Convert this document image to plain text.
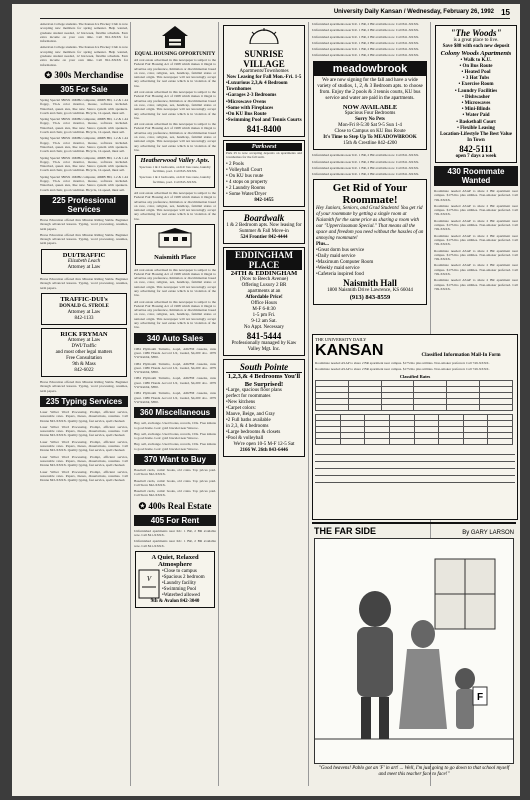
University Daily Kansan / Wednesday, February 26, 1992 15

American College students. The Kansas Ice Hockey Club is now accepting new members for spring semester. Help wanted, graduate student needed, 12 hrs/week, flexible schedule. Earn extra income on your own time. Call 841-XXXX for information.

American College students. The Kansas Ice Hockey Club is now accepting new members for spring semester. Help wanted, graduate student needed, 12 hrs/week, flexible schedule. Earn extra income on your own time. Call 841-XXXX for information.

✪ 300s Merchandise
305 For Sale

Spring Special 386SX 16MHz computer, 40MB HD, 1.2 & 1.44 floppy, VGA color monitor, mouse, software included. Waterbed, queen size, like new. Stereo system with speakers. Couch and chair, good condition. Bicycle, 12-speed, must sell.

Spring Special 386SX 16MHz computer, 40MB HD, 1.2 & 1.44 floppy, VGA color monitor, mouse, software included. Waterbed, queen size, like new. Stereo system with speakers. Couch and chair, good condition. Bicycle, 12-speed, must sell.

Spring Special 386SX 16MHz computer, 40MB HD, 1.2 & 1.44 floppy, VGA color monitor, mouse, software included. Waterbed, queen size, like new. Stereo system with speakers. Couch and chair, good condition. Bicycle, 12-speed, must sell.

Spring Special 386SX 16MHz computer, 40MB HD, 1.2 & 1.44 floppy, VGA color monitor, mouse, software included. Waterbed, queen size, like new. Stereo system with speakers. Couch and chair, good condition. Bicycle, 12-speed, must sell.

Spring Special 386SX 16MHz computer, 40MB HD, 1.2 & 1.44 floppy, VGA color monitor, mouse, software included. Waterbed, queen size, like new. Stereo system with speakers. Couch and chair, good condition. Bicycle, 12-speed, must sell.

225 Professional Services

Horse Education offered thru Mission Riding Stable. Beginner through advanced lessons. Typing, word processing, resumes, term papers.

Horse Education offered thru Mission Riding Stable. Beginner through advanced lessons. Typing, word processing, resumes, term papers.

DUI/TRAFFIC
Elizabeth Leach
Attorney at Law

Horse Education offered thru Mission Riding Stable. Beginner through advanced lessons. Typing, word processing, resumes, term papers.

TRAFFIC-DUI's
DONALD G. STROLE
Attorney at Law
842-1133
RICK FRYMAN
Attorney at Law
DWI/Traffic
and most other legal matters
Free Consultation
9th & Mass
842-6022

Horse Education offered thru Mission Riding Stable. Beginner through advanced lessons. Typing, word processing, resumes, term papers.

235 Typing Services

Laser Writer Word Processing. Prompt, efficient service, reasonable rates. Papers, theses, dissertations, resumes. Call Donna 843-XXXX. Quality typing, fast service, spell checked.

Laser Writer Word Processing. Prompt, efficient service, reasonable rates. Papers, theses, dissertations, resumes. Call Donna 843-XXXX. Quality typing, fast service, spell checked.

Laser Writer Word Processing. Prompt, efficient service, reasonable rates. Papers, theses, dissertations, resumes. Call Donna 843-XXXX. Quality typing, fast service, spell checked.

Laser Writer Word Processing. Prompt, efficient service, reasonable rates. Papers, theses, dissertations, resumes. Call Donna 843-XXXX. Quality typing, fast service, spell checked.

Laser Writer Word Processing. Prompt, efficient service, reasonable rates. Papers, theses, dissertations, resumes. Call Donna 843-XXXX. Quality typing, fast service, spell checked.

EQUAL HOUSING OPPORTUNITY

All real estate advertised in this newspaper is subject to the Federal Fair Housing Act of 1968 which makes it illegal to advertise any preference, limitation or discrimination based on race, color, religion, sex, handicap, familial status or national origin. This newspaper will not knowingly accept any advertising for real estate which is in violation of the law.

All real estate advertised in this newspaper is subject to the Federal Fair Housing Act of 1968 which makes it illegal to advertise any preference, limitation or discrimination based on race, color, religion, sex, handicap, familial status or national origin. This newspaper will not knowingly accept any advertising for real estate which is in violation of the law.

All real estate advertised in this newspaper is subject to the Federal Fair Housing Act of 1968 which makes it illegal to advertise any preference, limitation or discrimination based on race, color, religion, sex, handicap, familial status or national origin. This newspaper will not knowingly accept any advertising for real estate which is in violation of the law.

Heatherwood Valley Apts.

Spacious 1 & 2 bedrooms, on KU bus route, laundry facilities, pool. Call 843-XXXX.

Spacious 1 & 2 bedrooms, on KU bus route, laundry facilities, pool. Call 843-XXXX.

All real estate advertised in this newspaper is subject to the Federal Fair Housing Act of 1968 which makes it illegal to advertise any preference, limitation or discrimination based on race, color, religion, sex, handicap, familial status or national origin. This newspaper will not knowingly accept any advertising for real estate which is in violation of the law.

Naismith Place

All real estate advertised in this newspaper is subject to the Federal Fair Housing Act of 1968 which makes it illegal to advertise any preference, limitation or discrimination based on race, color, religion, sex, handicap, familial status or national origin. This newspaper will not knowingly accept any advertising for real estate which is in violation of the law.

All real estate advertised in this newspaper is subject to the Federal Fair Housing Act of 1968 which makes it illegal to advertise any preference, limitation or discrimination based on race, color, religion, sex, handicap, familial status or national origin. This newspaper will not knowingly accept any advertising for real estate which is in violation of the law.

340 Auto Sales

1984 Plymouth Turismo, 4-spd, AM/FM cassette, runs great. 1986 Honda Accord LX, loaded, $4,200 obo. 1979 VW Rabbit, $850.

1984 Plymouth Turismo, 4-spd, AM/FM cassette, runs great. 1986 Honda Accord LX, loaded, $4,200 obo. 1979 VW Rabbit, $850.

1984 Plymouth Turismo, 4-spd, AM/FM cassette, runs great. 1986 Honda Accord LX, loaded, $4,200 obo. 1979 VW Rabbit, $850.

1984 Plymouth Turismo, 4-spd, AM/FM cassette, runs great. 1986 Honda Accord LX, loaded, $4,200 obo. 1979 VW Rabbit, $850.

360 Miscellaneous

Buy, sell, exchange. Used books, records, CDs. Free kittens to good home. Lost: gold bracelet near Wescoe.

Buy, sell, exchange. Used books, records, CDs. Free kittens to good home. Lost: gold bracelet near Wescoe.

Buy, sell, exchange. Used books, records, CDs. Free kittens to good home. Lost: gold bracelet near Wescoe.

370 Want to Buy

Baseball cards, comic books, old coins. Top prices paid. Call Steve 842-XXXX.

Baseball cards, comic books, old coins. Top prices paid. Call Steve 842-XXXX.

Baseball cards, comic books, old coins. Top prices paid. Call Steve 842-XXXX.

✪ 400s Real Estate
405 For Rent

Unfurnished apartments near KU. 1 BR, 2 BR available now. Call 841-XXXX.

Unfurnished apartments near KU. 1 BR, 2 BR available now. Call 841-XXXX.

A Quiet, Relaxed Atmosphere
V
•Close to campus
•Spacious 2 bedroom
•Laundry facility
•Swimming Pool
•Waterbed allowed
9th & Avalon 842-3040
SUNRISE VILLAGE
Apartments/Townhomes
Now Leasing for Fall Mon.-Fri. 1-5
•Luxurious 2,3,& 4 Bedroom Townhomes
•Garages 2-3 Bedrooms
•Microwave Ovens
•Some with Fireplaces
•On KU Bus Route
•Swimming Pool and Tennis Courts
841-8400
Parkwest

Park 25 is now accepting deposits on apartments and townhomes for the fall term.

• 2 Pools
• Volleyball Court
• On KU bus route
• 4 stops on property
• 2 Laundry Rooms
• Some Water/Dryer
842-1455
Boardwalk
1 & 2 Bedroom apts. Now leasing for Summer & Fall Move-in
524 Frontier 842-4444
EDDINGHAM PLACE
24TH & EDDINGHAM
(Now to Beech Avenue)
Offering Luxury 2 BR
apartments at an
Affordable Price!
Office Hours
M-F 6-8:30
1-5 pm Fri.
9-12 am Sat.
No Appt. Necessary
841-5444
Professionally managed by Kaw Valley Mgt. Inc.
South Pointe
1,2,3,& 4 Bedrooms You'll Be Surprised!
•Large, spacious floor plans
perfect for roommates
•New kitchens
•Carpet colors:
Mauve, Beige, and Gray
•2 Full baths available
in 2,3, & 4 bedrooms
•Large bedrooms & closets
•Pool & volleyball
We're open 10-5 M-F 12-5 Sat
2166 W. 26th 843-6446

Unfurnished apartments near KU. 1 BR, 2 BR available now. Call 841-XXXX.

Unfurnished apartments near KU. 1 BR, 2 BR available now. Call 841-XXXX.

Unfurnished apartments near KU. 1 BR, 2 BR available now. Call 841-XXXX.

Unfurnished apartments near KU. 1 BR, 2 BR available now. Call 841-XXXX.

Unfurnished apartments near KU. 1 BR, 2 BR available now. Call 841-XXXX.

Unfurnished apartments near KU. 1 BR, 2 BR available now. Call 841-XXXX.

meadowbrook
We are now signing for the fall and have a wide variety of studios, 1, 2, & 3 Bedroom apts. to choose from. Enjoy the 2 pools & 3 tennis courts, KU bus service and water are paid in the apartments.
NOW AVAILABLE
Spacious Four Bedrooms
Sorry No Pets
Mon-Fri 8-5:30 Sat 9-5 Sun 1-4
Close to Campus on KU Bus Route
It's Time to Step Up To MEADOWBROOK
15th & Crestline 842-4200

Unfurnished apartments near KU. 1 BR, 2 BR available now. Call 841-XXXX.

Unfurnished apartments near KU. 1 BR, 2 BR available now. Call 841-XXXX.

Unfurnished apartments near KU. 1 BR, 2 BR available now. Call 841-XXXX.

Unfurnished apartments near KU. 1 BR, 2 BR available now. Call 841-XXXX.

Get Rid of Your Roommate!
Hey Juniors, Seniors, and Grad Students! You get rid of your roommate by getting a single room at Naismith for the same price as sharing a room with our "Upperclassman Special." That means all the space and freedom you need without the hassles of an annoying roommate!
Plus...
•Great dorm bus service
•Daily maid service
•Maximum Computer Room
•Weekly maid service
•Cafeteria inspired food
Naismith Hall
1800 Naismith Drive Lawrence, KS 66044
(913) 843-8559
"The Woods"
is a great place to live.
Save $88 with each new deposit
Colony Woods Apartments
• Walk to K.U.
• On Bus Route
• Heated Pool
• 3 Hot Tubs
• Exercise Room
• Laundry Facilities
• Dishwasher
• Microwaves
• Mini-Blinds
• Water Paid
• Basketball Court
• Flexible Leasing
Location-Lifestyle The Best Value In Town
842-5111
open 7 days a week
430 Roommate Wanted

Roommate needed ASAP to share 2 BR apartment near campus. $175/mo plus utilities. Non-smoker preferred. Call 749-XXXX.

Roommate needed ASAP to share 2 BR apartment near campus. $175/mo plus utilities. Non-smoker preferred. Call 749-XXXX.

Roommate needed ASAP to share 2 BR apartment near campus. $175/mo plus utilities. Non-smoker preferred. Call 749-XXXX.

Roommate needed ASAP to share 2 BR apartment near campus. $175/mo plus utilities. Non-smoker preferred. Call 749-XXXX.

Roommate needed ASAP to share 2 BR apartment near campus. $175/mo plus utilities. Non-smoker preferred. Call 749-XXXX.

Roommate needed ASAP to share 2 BR apartment near campus. $175/mo plus utilities. Non-smoker preferred. Call 749-XXXX.

Roommate needed ASAP to share 2 BR apartment near campus. $175/mo plus utilities. Non-smoker preferred. Call 749-XXXX.

THE UNIVERSITY DAILY
KANSAN	Classified Information Mail-In Form

Roommate needed ASAP to share 2 BR apartment near campus. $175/mo plus utilities. Non-smoker preferred. Call 749-XXXX.

Roommate needed ASAP to share 2 BR apartment near campus. $175/mo plus utilities. Non-smoker preferred. Call 749-XXXX.

Classified Rates

THE FAR SIDE	By GARY LARSON
F
"Good heavens! Pablo got an 'F' in art! ... Well, I'm just going to go down to that school myself and meet this teacher face to face!"
